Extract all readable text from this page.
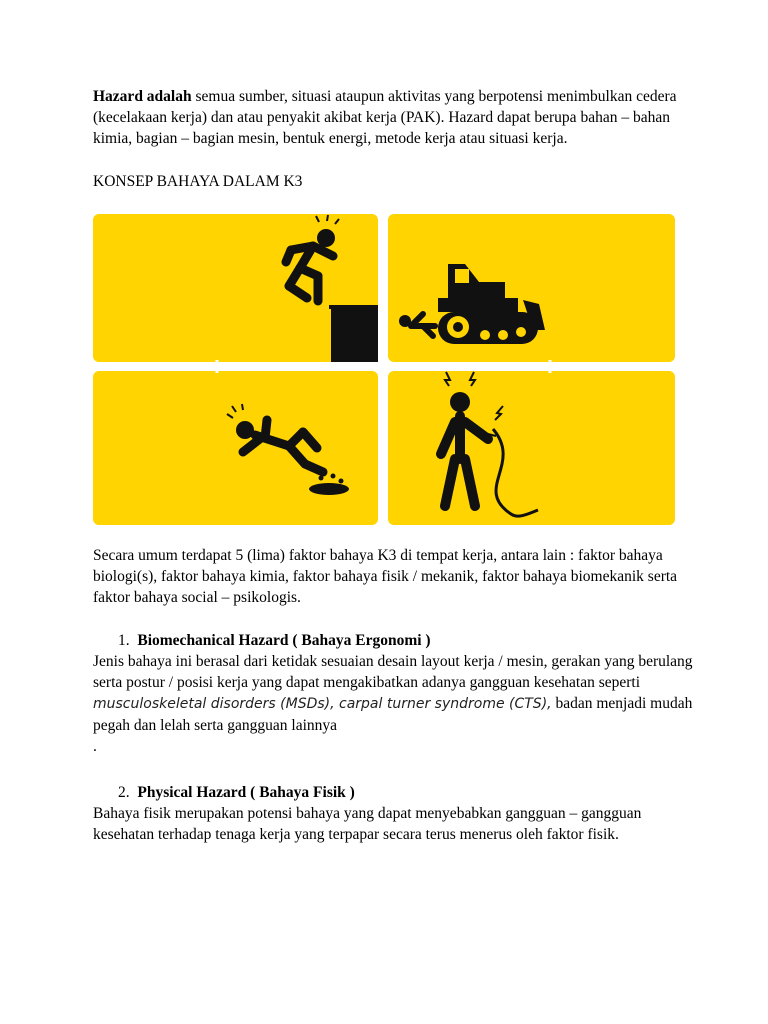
Hazard adalah semua sumber, situasi ataupun aktivitas yang berpotensi menimbulkan cedera (kecelakaan kerja) dan atau penyakit akibat kerja (PAK). Hazard dapat berupa bahan – bahan kimia, bagian – bagian mesin, bentuk energi, metode kerja atau situasi kerja.

KONSEP BAHAYA DALAM K3

Secara umum terdapat 5 (lima) faktor bahaya K3 di tempat kerja, antara lain : faktor bahaya biologi(s), faktor bahaya kimia, faktor bahaya fisik / mekanik, faktor bahaya biomekanik serta faktor bahaya social – psikologis.

1. Biomechanical Hazard ( Bahaya Ergonomi )

Jenis bahaya ini berasal dari ketidak sesuaian desain layout kerja / mesin, gerakan yang berulang serta postur / posisi kerja yang dapat mengakibatkan adanya gangguan kesehatan seperti musculoskeletal disorders (MSDs), carpal turner syndrome (CTS), badan menjadi mudah pegah dan lelah serta gangguan lainnya

.

2. Physical Hazard ( Bahaya Fisik )

Bahaya fisik merupakan potensi bahaya yang dapat menyebabkan gangguan – gangguan kesehatan terhadap tenaga kerja yang terpapar secara terus menerus oleh faktor fisik.
